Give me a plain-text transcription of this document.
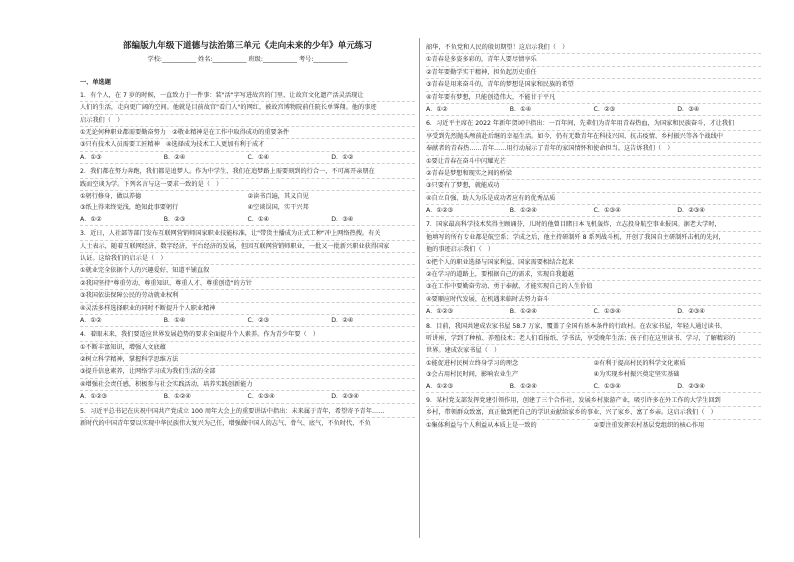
部编版九年级下道德与法治第三单元《走向未来的少年》单元练习
学校:___________ 姓名:___________ 班级:___________ 考号:___________
一、单选题
1．有个人，在 7 岁的时候，一直致力于一件事：装"活"字写进故宫的门里，让故宫文化遗产活灵活现让
人们的生活，走向更广阔的空间。他就是目前故宫"看门人"的网红，被故宫博物院前任院长单霁翔。他的事迹
启示我们（　）
①无论何种职业都需要勤奋努力　②敬业精神是在工作中取得成功的重要条件
③只有技术人员需要工匠精神　④选择成为技术工人更加有利于成才
A．①③	B．②④	C．①④	D．①②
2．我们都在努力奔跑，我们都是追梦人。作为中学生，我们在追梦路上需要刻到的行合一，不可离开亲朋在
践而空谈为学。下列名言与这一要求一致的是（　）
①躬行修身，做以养德	②读书百遍，其义自见
③纸上得来终觉浅，绝知此事要躬行	④空谈误国，实干兴邦
A．①②	B．②③	C．①④	D．③④
3．近日，人社部等部门发布互联网营销师国家职业技能标准，让"带货主播成为正式工种"冲上网络热搜。有关
人士表示，随着互联网经济、数字经济，平台经济的发展，但因互联网营销师职业，一批又一批新兴职业获得国家
认证。这给我们的启示是（　）
①就业完全依据个人的兴趣爱好，知道平铺直叙
②我国坚持"尊重劳动、尊重知识、尊重人才、尊重创造"的方针
③我国依法保障公民的劳动就业权利
④灵活多样选择职业的同时不断提升个人职业精神
A．①②	B．①④	C．②③	D．②④
4．着眼未来，我们要适应世界发展趋势的要求全面提升个人素养。作为青少年要（　）
①不断丰富知识，增强人文底蕴
②树立科学精神，掌握科学思维方法
③提升信息素养，让网络学习成为我们生活的全部
④增强社会责任感，积极参与社会实践活动，培养实践创新能力
A．①②③	B．①②④	C．①③④	D．②③④
5．习近平总书记在庆祝中国共产党成立 100 周年大会上的重要讲话中指出：未来属于青年，希望寄予青年……
新时代的中国青年要以实现中华民族伟大复兴为己任，增强做中国人的志气、骨气、底气，不负时代，不负
韶华，不负党和人民的殷切期望！这启示我们（　）
①青春是多姿多彩的，青年人要尽情享乐
②青年要勤学实干精神，担负起历史重任
③青春是用来奋斗的，青年的梦想是国家和民族的希望
④青年要有梦想，只能创造伟大，不能甘于平凡
A．①②	B．①④	C．②③	D．③④
6．习近平主席在 2022 年新年贺词中指出：一百年间，先辈们为青年用青春热血，为国家和民族奋斗，才让我们
享受到先烈抛头颅前赴后继的幸福生活。如今，仍有无数青年在科技兴国、抗击疫情、乡村振兴等各个战线中
奉献者的青春热……青年……用行动展示了青年的家国情怀和使命担当。这告诉我们（　）
①要让青春在奋斗中闪耀光芒
②青春是梦想和现实之间的桥梁
③只要有了梦想，就能成功
④自立自强、助人为乐是成功者应有的优秀品质
A．①②③	B．①②④	C．①③④	D．②③④
7．国家最高科学技术奖得主顾诵芬，儿时的他曾目睹日本飞机轰炸，立志投身航空事业报国。据老大学时，
他填写的所有专业都是航空系；学成之后，他主持研制歼 8 系列战斗机，开创了我国自主研制歼击机的先河，
他的事迹启示我们（　）
①把个人的职业选择与国家利益、国家需要相结合起来
②在学习的道路上，要根据自己的需求，实现自我超越
③在工作中要勤奋劳动、勇于奉献，才能实现自己的人生价值
④要顺应时代发展，在机遇来临时去努力奋斗
A．①②③	B．①②④	C．①③④	D．②③④
8．目前，我国共建成农家书屋 58.7 万家，覆盖了全国有基本条件的行政村。在农家书屋，年轻人通过读书、
听讲座，学到了种植、养殖技术；老人们看报纸、学书法，享受晚年生活；孩子们在这里读书、学习，了解精彩的
世界。建成农家书屋（　）
①能促进村民树立终身学习的理念	②有利于提高村民的科学文化素质
③会占用村民时间，影响农业生产	④为实现乡村振兴奠定坚实基础
A．①②③	B．①②④	C．①③④	D．②③④
9．某村党支部发挥党建引领作用，创建了三个合作社，发展乡村旅游产业，吸引许多在外工作的大学生回到
乡村，带领群众致富，真正做到把自己的学识贡献给家乡的事业，兴了家乡、富了乡亲。这启示我们（　）
①集体利益与个人利益从本质上是一致的	②要注重发挥农村基层党组织的核心作用
